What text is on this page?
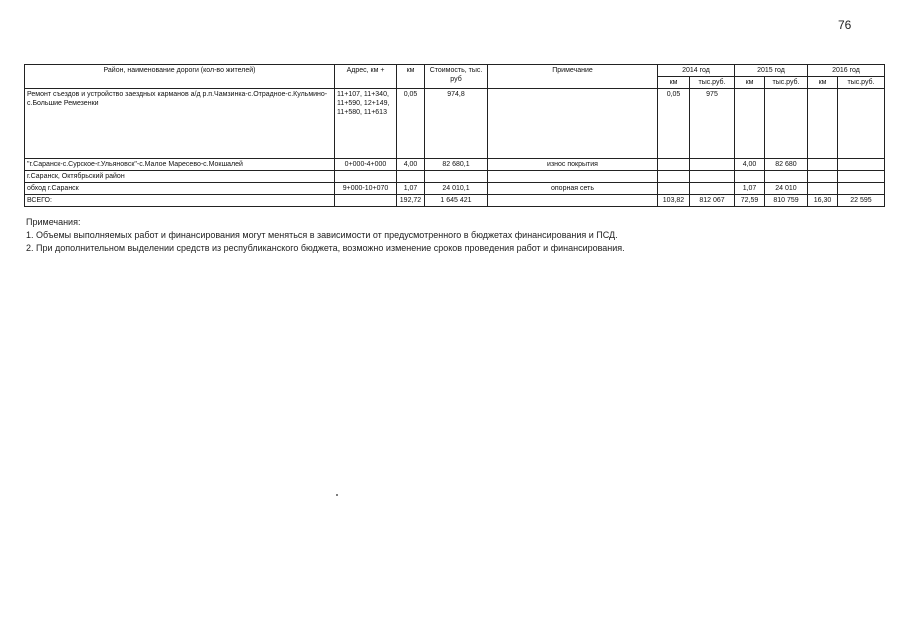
76
Район, наименование дороги (кол-во жителей)	Адрес, км +	км	Стоимость, тыс. руб	Примечание	2014 год		2015 год		2016 год	
					км	тыс.руб.	км	тыс.руб.	км	тыс.руб.
Ремонт съездов и устройство заездных карманов а/д р.п.Чамзинка-с.Отрадное-с.Кульмино-с.Большие Ремезенки	11+107, 11+340, 11+590, 12+149, 11+580, 11+613	0,05	974,8		0,05	975				
"г.Саранск-с.Сурское-г.Ульяновск"-с.Малое Маресево-с.Мокшалей	0+000-4+000	4,00	82 680,1	износ покрытия			4,00	82 680		
г.Саранск, Октябрьский район										
обход г.Саранск	9+000-10+070	1,07	24 010,1	опорная сеть			1,07	24 010		
ВСЕГО:		192,72	1 645 421		103,82	812 067	72,59	810 759	16,30	22 595

Примечания:

1. Объемы выполняемых работ и финансирования могут меняться в зависимости от предусмотренного в бюджетах финансирования и ПСД.

2. При дополнительном выделении средств из республиканского бюджета, возможно изменение сроков проведения работ и финансирования.
